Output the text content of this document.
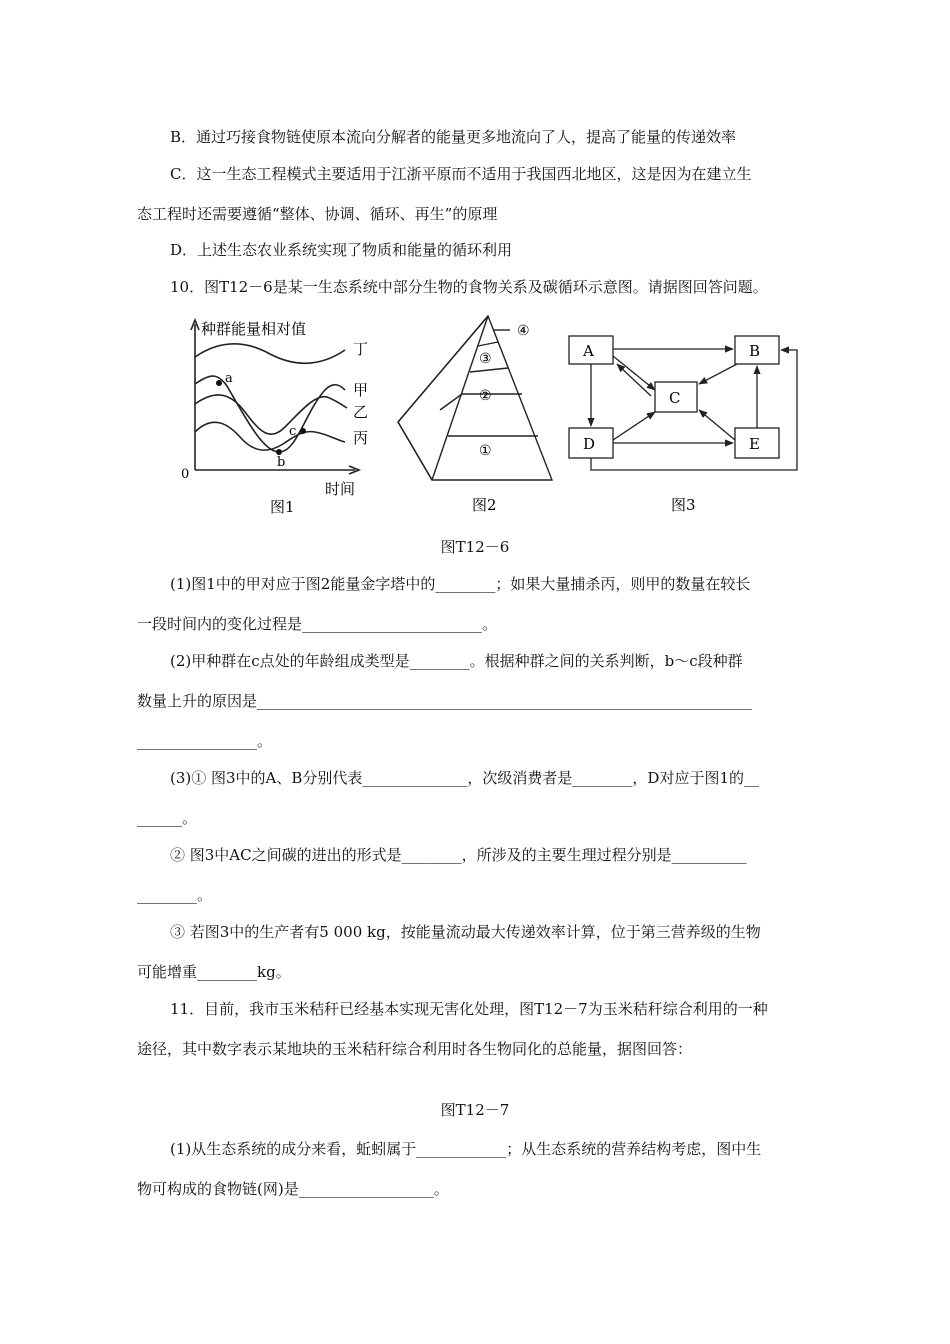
B．通过巧接食物链使原本流向分解者的能量更多地流向了人，提高了能量的传递效率
C．这一生态工程模式主要适用于江浙平原而不适用于我国西北地区，这是因为在建立生
态工程时还需要遵循“整体、协调、循环、再生”的原理
D．上述生态农业系统实现了物质和能量的循环利用
10．图T12－6是某一生态系统中部分生物的食物关系及碳循环示意图。请据图回答问题。
种群能量相对值
时间
0
丁
甲
乙
丙
a
b
c
图1
④
③
②
①
图2
A	B
C
D	E
图3
图T12－6
(1)图1中的甲对应于图2能量金字塔中的________；如果大量捕杀丙，则甲的数量在较长
一段时间内的变化过程是________________________。
(2)甲种群在c点处的年龄组成类型是________。根据种群之间的关系判断，b～c段种群
数量上升的原因是__________________________________________________________________
________________。
(3)① 图3中的A、B分别代表______________，次级消费者是________，D对应于图1的__
______。
② 图3中AC之间碳的进出的形式是________，所涉及的主要生理过程分别是__________
________。
③ 若图3中的生产者有5 000 kg，按能量流动最大传递效率计算，位于第三营养级的生物
可能增重________kg。
11．目前，我市玉米秸秆已经基本实现无害化处理，图T12－7为玉米秸秆综合利用的一种
途径，其中数字表示某地块的玉米秸秆综合利用时各生物同化的总能量，据图回答：
图T12－7
(1)从生态系统的成分来看，蚯蚓属于____________；从生态系统的营养结构考虑，图中生
物可构成的食物链(网)是__________________。
